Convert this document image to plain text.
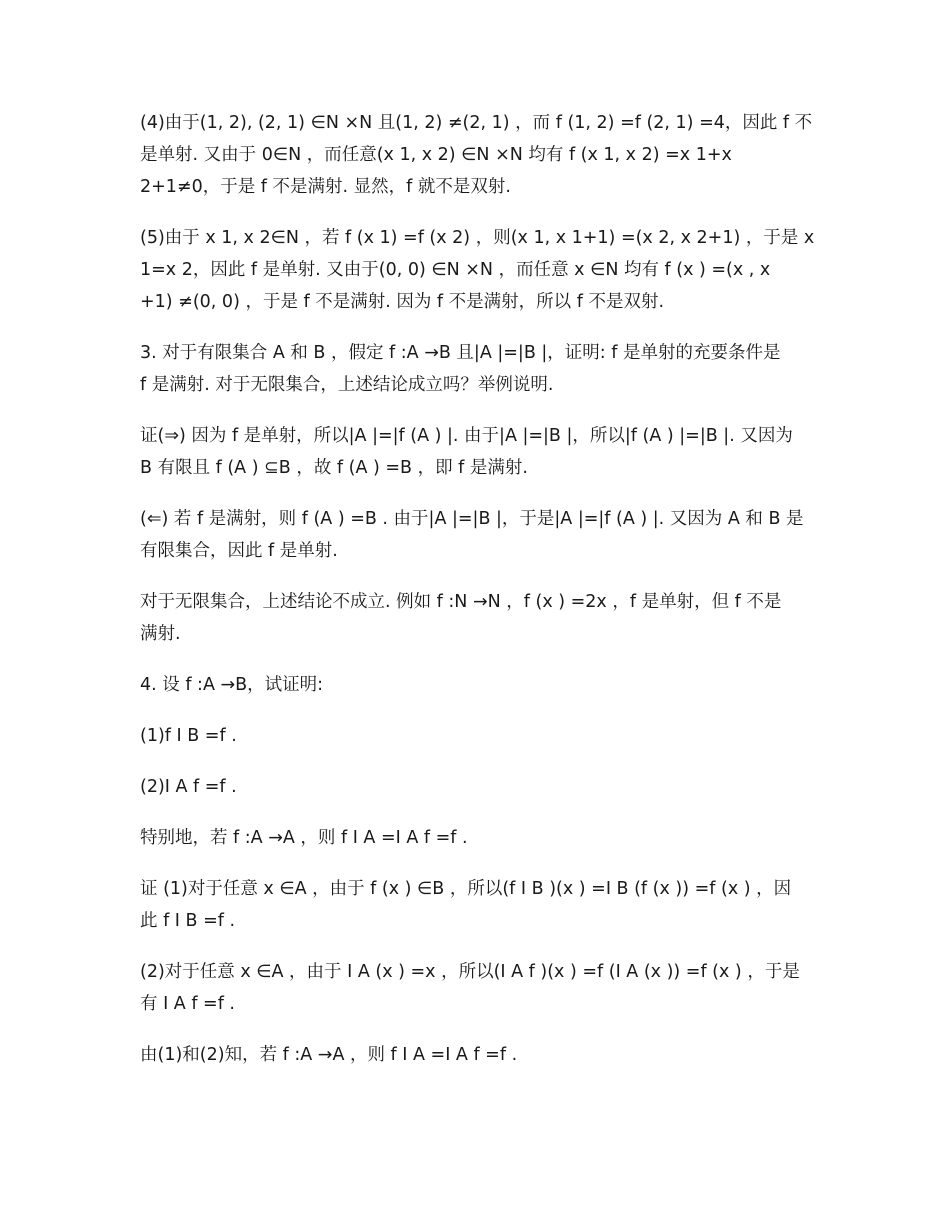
(4)由于(1, 2), (2, 1) ∈N ×N 且(1, 2) ≠(2, 1) ，而 f (1, 2) =f (2, 1) =4，因此 f 不
是单射. 又由于 0∈N ，而任意(x 1, x 2) ∈N ×N 均有 f (x 1, x 2) =x 1+x
2+1≠0，于是 f 不是满射. 显然，f 就不是双射.

(5)由于 x 1, x 2∈N ，若 f (x 1) =f (x 2) ，则(x 1, x 1+1) =(x 2, x 2+1) ，于是 x
1=x 2，因此 f 是单射. 又由于(0, 0) ∈N ×N ，而任意 x ∈N 均有 f (x ) =(x , x
+1) ≠(0, 0) ，于是 f 不是满射. 因为 f 不是满射，所以 f 不是双射.

3. 对于有限集合 A 和 B ，假定 f :A →B 且|A |=|B |，证明: f 是单射的充要条件是
f 是满射. 对于无限集合，上述结论成立吗？举例说明.

证(⇒) 因为 f 是单射，所以|A |=|f (A ) |. 由于|A |=|B |，所以|f (A ) |=|B |. 又因为
B 有限且 f (A ) ⊆B ，故 f (A ) =B ，即 f 是满射.

(⇐) 若 f 是满射，则 f (A ) =B . 由于|A |=|B |，于是|A |=|f (A ) |. 又因为 A 和 B 是
有限集合，因此 f 是单射.

对于无限集合，上述结论不成立. 例如 f :N →N ，f (x ) =2x ，f 是单射，但 f 不是
满射.

4. 设 f :A →B，试证明:

(1)f I B =f .

(2)I A f =f .

特别地，若 f :A →A ，则 f I A =I A f =f .

证 (1)对于任意 x ∈A ，由于 f (x ) ∈B ，所以(f I B )(x ) =I B (f (x )) =f (x ) ，因
此 f I B =f .

(2)对于任意 x ∈A ，由于 I A (x ) =x ，所以(I A f )(x ) =f (I A (x )) =f (x ) ，于是
有 I A f =f .

由(1)和(2)知，若 f :A →A ，则 f I A =I A f =f .
